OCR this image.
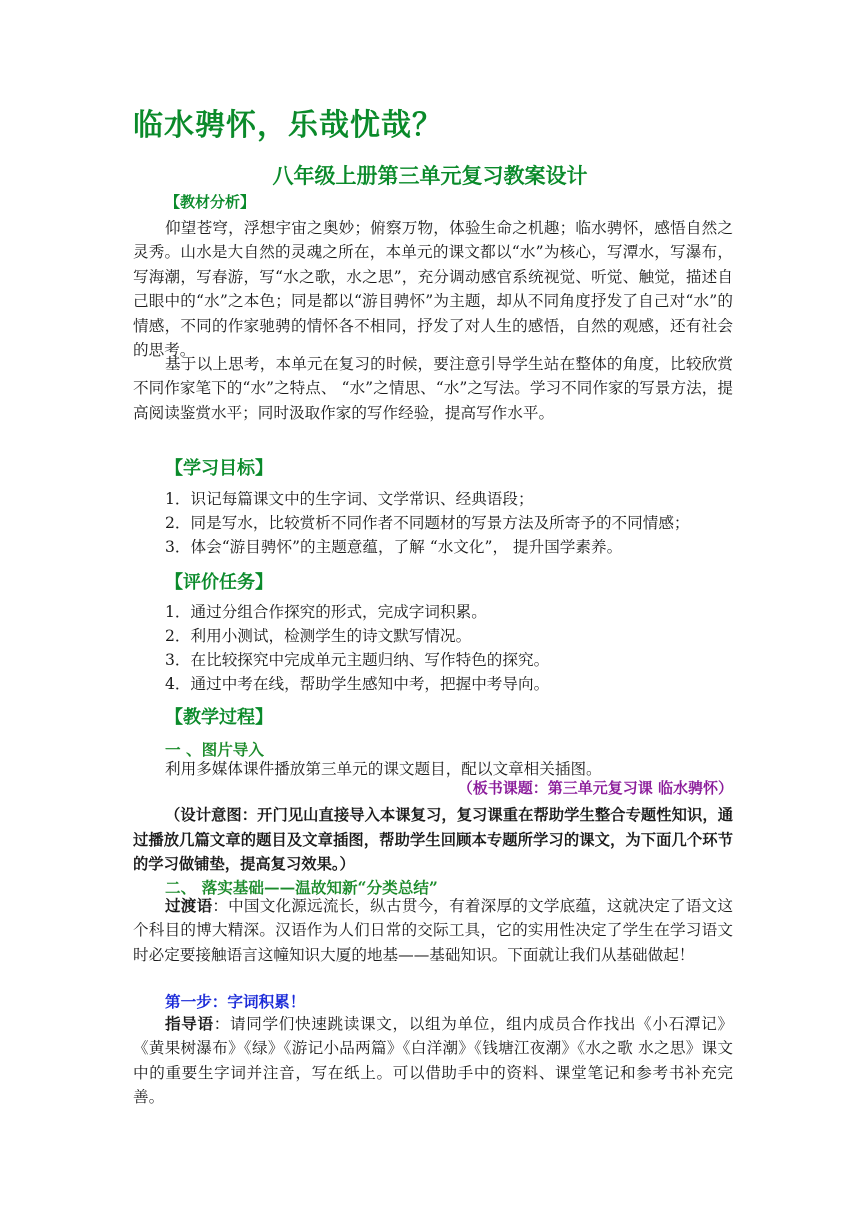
临水骋怀，乐哉忧哉？
八年级上册第三单元复习教案设计
【教材分析】

仰望苍穹，浮想宇宙之奥妙；俯察万物，体验生命之机趣；临水骋怀，感悟自然之灵秀。山水是大自然的灵魂之所在，本单元的课文都以“水”为核心，写潭水，写瀑布，写海潮，写春游，写“水之歌，水之思”，充分调动感官系统视觉、听觉、触觉，描述自己眼中的“水”之本色；同是都以“游目骋怀”为主题，却从不同角度抒发了自己对“水”的情感，不同的作家驰骋的情怀各不相同，抒发了对人生的感悟，自然的观感，还有社会的思考。

基于以上思考，本单元在复习的时候，要注意引导学生站在整体的角度，比较欣赏不同作家笔下的“水”之特点、 “水”之情思、“水”之写法。学习不同作家的写景方法，提高阅读鉴赏水平；同时汲取作家的写作经验，提高写作水平。

【学习目标】

1．识记每篇课文中的生字词、文学常识、经典语段；

2．同是写水，比较赏析不同作者不同题材的写景方法及所寄予的不同情感；

3．体会“游目骋怀”的主题意蕴，了解 “水文化”， 提升国学素养。

【评价任务】

1．通过分组合作探究的形式，完成字词积累。

2．利用小测试，检测学生的诗文默写情况。

3．在比较探究中完成单元主题归纳、写作特色的探究。

4．通过中考在线，帮助学生感知中考，把握中考导向。

【教学过程】
一 、图片导入

利用多媒体课件播放第三单元的课文题目，配以文章相关插图。

（板书课题：第三单元复习课 临水骋怀）

（设计意图：开门见山直接导入本课复习，复习课重在帮助学生整合专题性知识，通过播放几篇文章的题目及文章插图，帮助学生回顾本专题所学习的课文，为下面几个环节的学习做铺垫，提高复习效果。）

二、 落实基础——温故知新“分类总结”

过渡语：中国文化源远流长，纵古贯今，有着深厚的文学底蕴，这就决定了语文这个科目的博大精深。汉语作为人们日常的交际工具，它的实用性决定了学生在学习语文时必定要接触语言这幢知识大厦的地基——基础知识。下面就让我们从基础做起！

第一步：字词积累！

指导语：请同学们快速跳读课文，以组为单位，组内成员合作找出《小石潭记》《黄果树瀑布》《绿》《游记小品两篇》《白洋潮》《钱塘江夜潮》《水之歌 水之思》课文中的重要生字词并注音，写在纸上。可以借助手中的资料、课堂笔记和参考书补充完善。
